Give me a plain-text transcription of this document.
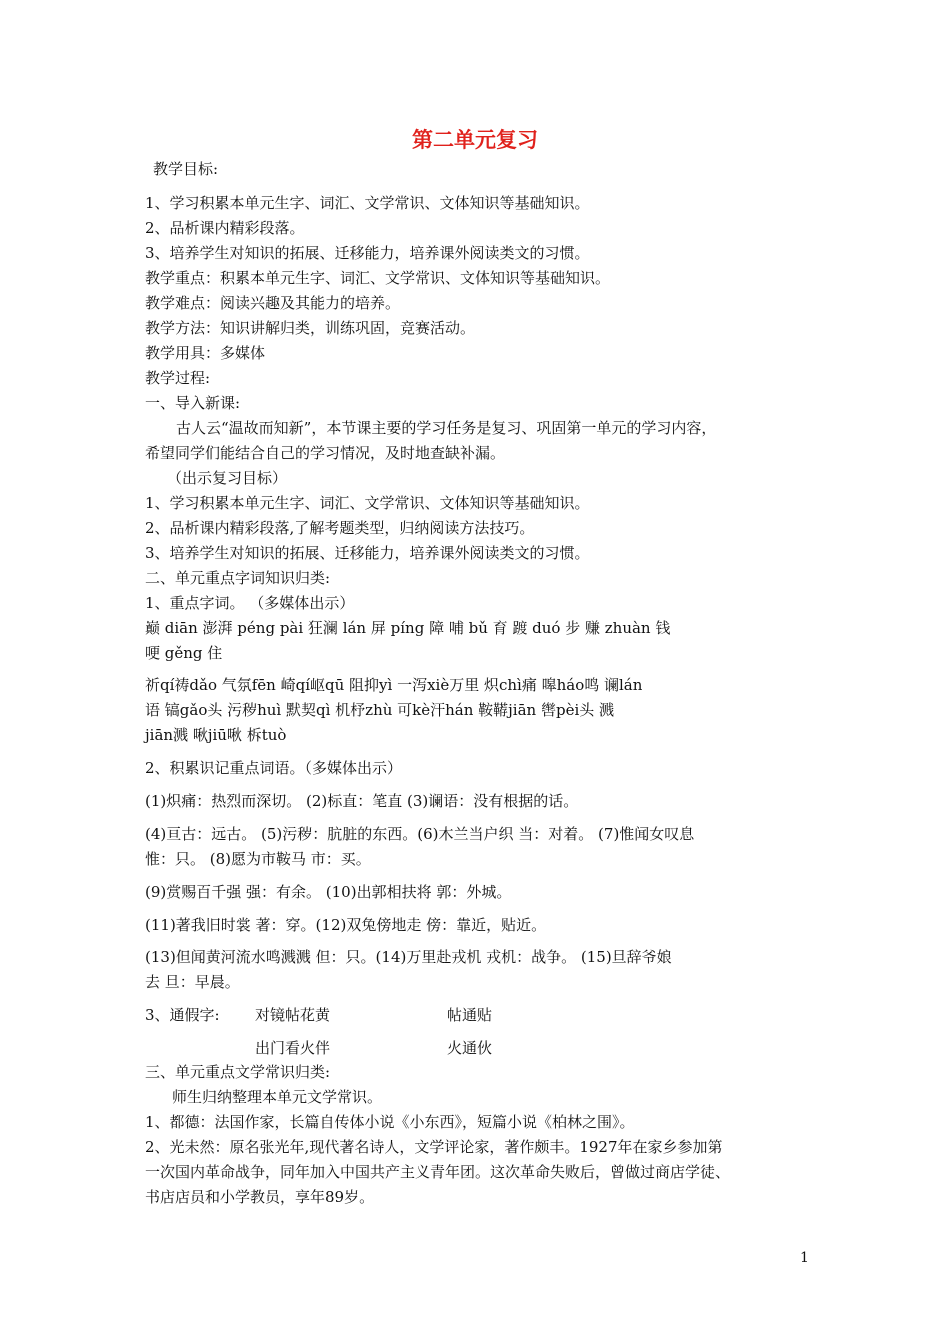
第二单元复习
教学目标:
1、学习积累本单元生字、词汇、文学常识、文体知识等基础知识。
2、品析课内精彩段落。
3、培养学生对知识的拓展、迁移能力，培养课外阅读类文的习惯。
教学重点：积累本单元生字、词汇、文学常识、文体知识等基础知识。
教学难点：阅读兴趣及其能力的培养。
教学方法：知识讲解归类，训练巩固，竞赛活动。
教学用具：多媒体
教学过程:
一、导入新课:
古人云“温故而知新”，本节课主要的学习任务是复习、巩固第一单元的学习内容，
希望同学们能结合自己的学习情况，及时地查缺补漏。
（出示复习目标）
1、学习积累本单元生字、词汇、文学常识、文体知识等基础知识。
2、品析课内精彩段落,了解考题类型，归纳阅读方法技巧。
3、培养学生对知识的拓展、迁移能力，培养课外阅读类文的习惯。
二、单元重点字词知识归类:
1、重点字词。 （多媒体出示）
巅 diān 澎湃 péng pài 狂澜 lán 屏 píng 障 哺 bǔ 育 踱 duó 步 赚 zhuàn 钱
哽 gěng 住
祈qí祷dǎo 气氛fēn 崎qí岖qū 阻抑yì 一泻xiè万里 炽chì痛 嗥háo鸣 谰lán
语 镐gǎo头 污秽huì 默契qì 机杼zhù 可kè汗hán 鞍鞯jiān 辔pèi头 溅
jiān溅 啾jiū啾 柝tuò
2、积累识记重点词语。（多媒体出示）
(1)炽痛：热烈而深切。 (2)标直：笔直 (3)谰语：没有根据的话。
(4)亘古：远古。 (5)污秽：肮脏的东西。(6)木兰当户织 当：对着。 (7)惟闻女叹息
惟：只。 (8)愿为市鞍马 市：买。
(9)赏赐百千强 强：有余。 (10)出郭相扶将 郭：外城。
(11)著我旧时裳 著：穿。(12)双兔傍地走 傍：靠近，贴近。
(13)但闻黄河流水鸣溅溅 但：只。(14)万里赴戎机 戎机：战争。 (15)旦辞爷娘
去 旦：早晨。
3、通假字: 对镜帖花黄	帖通贴
出门看火伴	火通伙
三、单元重点文学常识归类:
师生归纳整理本单元文学常识。
1、都德：法国作家，长篇自传体小说《小东西》，短篇小说《柏林之围》。
2、光未然：原名张光年,现代著名诗人，文学评论家，著作颇丰。1927年在家乡参加第
一次国内革命战争，同年加入中国共产主义青年团。这次革命失败后，曾做过商店学徒、
书店店员和小学教员，享年89岁。
1
